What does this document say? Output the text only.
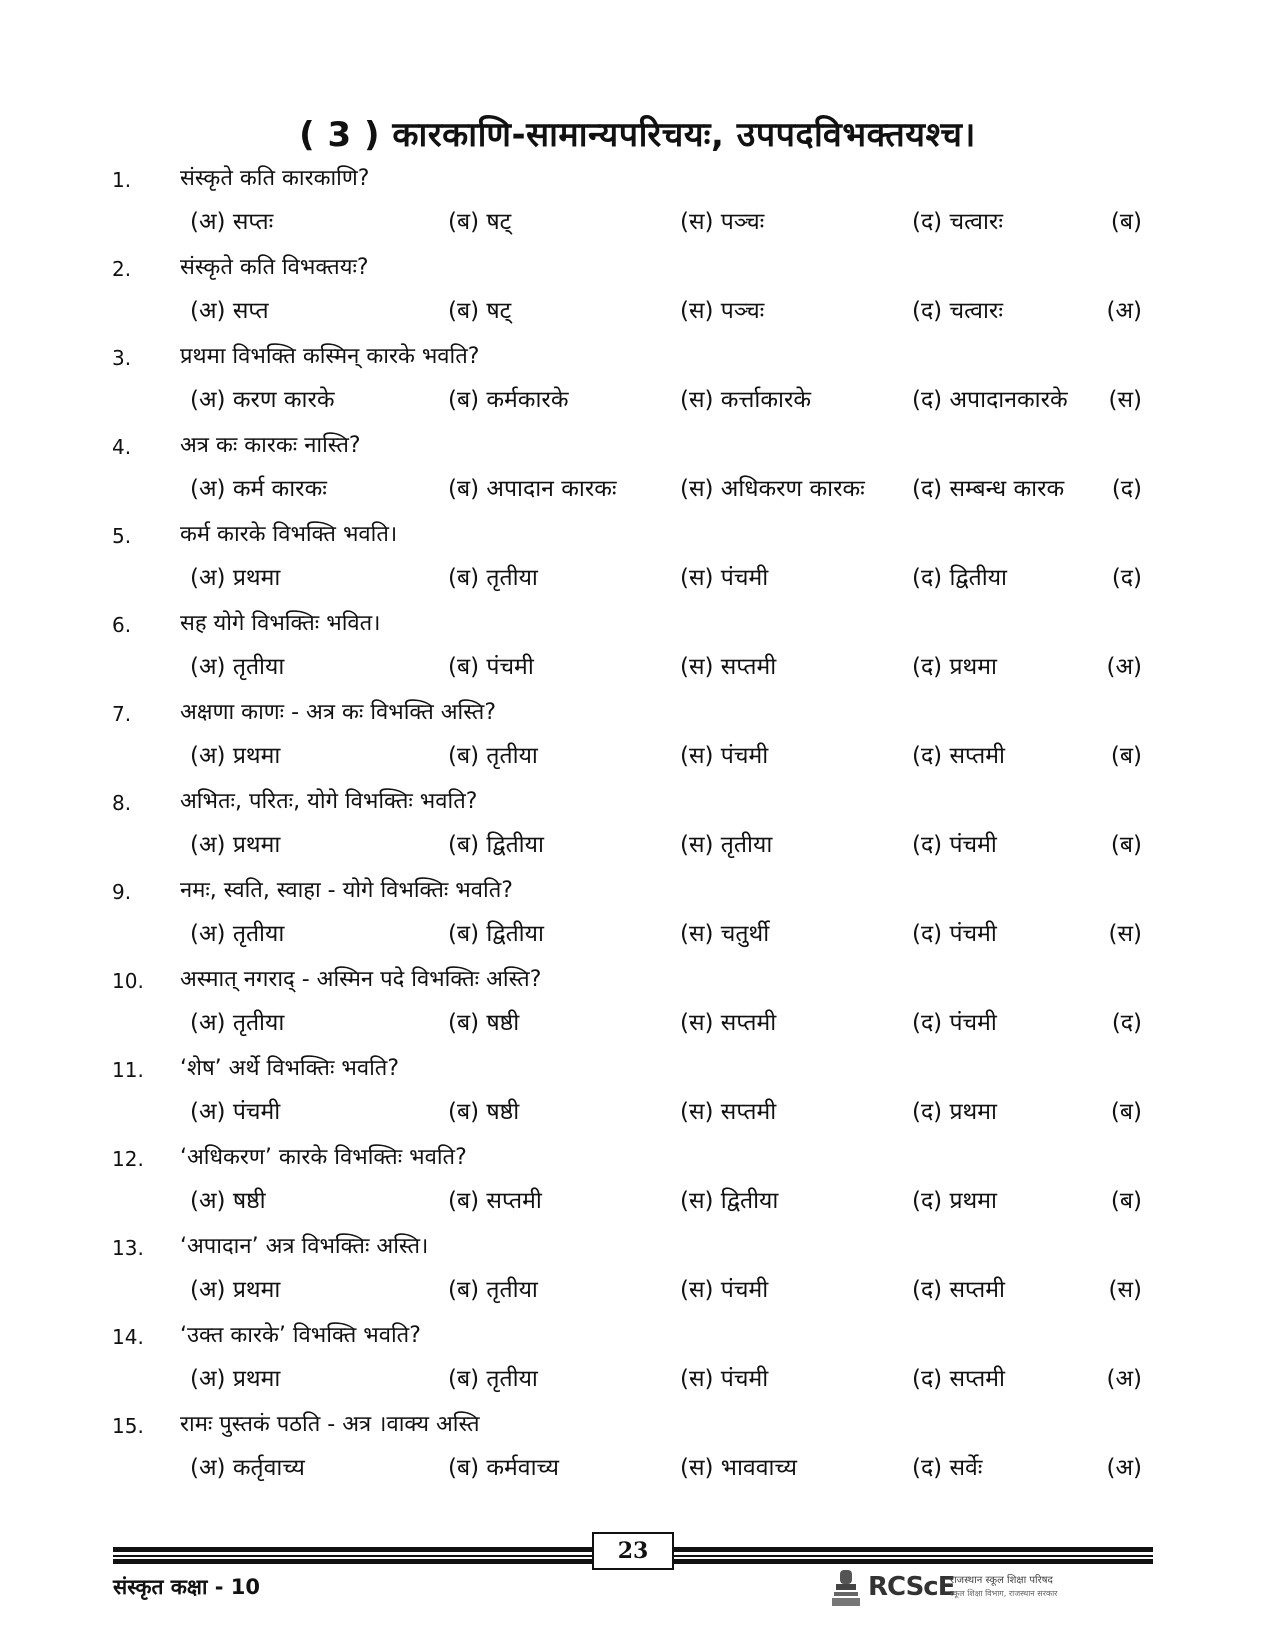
( 3 ) कारकाणि-सामान्यपरिचयः, उपपदविभक्तयश्च।
1. संस्कृते कति कारकाणि?
(अ) सप्तः	(ब) षट्	(स) पञ्चः	(द) चत्वारः	(ब)
2. संस्कृते कति विभक्तयः?
(अ) सप्त	(ब) षट्	(स) पञ्चः	(द) चत्वारः	(अ)
3. प्रथमा विभक्ति कस्मिन् कारके भवति?
(अ) करण कारके	(ब) कर्मकारके	(स) कर्त्ताकारके	(द) अपादानकारके (स)
4. अत्र कः कारकः नास्ति?
(अ) कर्म कारकः	(ब) अपादान कारकः	(स) अधिकरण कारकः (द) सम्बन्ध कारक (द)
5. कर्म कारके विभक्ति भवति।
(अ) प्रथमा	(ब) तृतीया	(स) पंचमी	(द) द्वितीया	(द)
6. सह योगे विभक्तिः भवित।
(अ) तृतीया	(ब) पंचमी	(स) सप्तमी	(द) प्रथमा	(अ)
7. अक्षणा काणः - अत्र कः विभक्ति अस्ति?
(अ) प्रथमा	(ब) तृतीया	(स) पंचमी	(द) सप्तमी	(ब)
8. अभितः, परितः, योगे विभक्तिः भवति?
(अ) प्रथमा	(ब) द्वितीया	(स) तृतीया	(द) पंचमी	(ब)
9. नमः, स्वति, स्वाहा - योगे विभक्तिः भवति?
(अ) तृतीया	(ब) द्वितीया	(स) चतुर्थी	(द) पंचमी	(स)
10. अस्मात् नगराद् - अस्मिन पदे विभक्तिः अस्ति?
(अ) तृतीया	(ब) षष्ठी	(स) सप्तमी	(द) पंचमी	(द)
11. ‘शेष’ अर्थे विभक्तिः भवति?
(अ) पंचमी	(ब) षष्ठी	(स) सप्तमी	(द) प्रथमा	(ब)
12. ‘अधिकरण’ कारके विभक्तिः भवति?
(अ) षष्ठी	(ब) सप्तमी	(स) द्वितीया	(द) प्रथमा	(ब)
13. ‘अपादान’ अत्र विभक्तिः अस्ति।
(अ) प्रथमा	(ब) तृतीया	(स) पंचमी	(द) सप्तमी	(स)
14. ‘उक्त कारके’ विभक्ति भवति?
(अ) प्रथमा	(ब) तृतीया	(स) पंचमी	(द) सप्तमी	(अ)
15. रामः पुस्तकं पठति - अत्र ।वाक्य अस्ति
(अ) कर्तृवाच्य	(ब) कर्मवाच्य	(स) भाववाच्य	(द) सर्वेः	(अ)
23
संस्कृत कक्षा - 10	RCScE
राजस्थान स्कूल शिक्षा परिषद
स्कूल शिक्षा विभाग, राजस्थान सरकार
